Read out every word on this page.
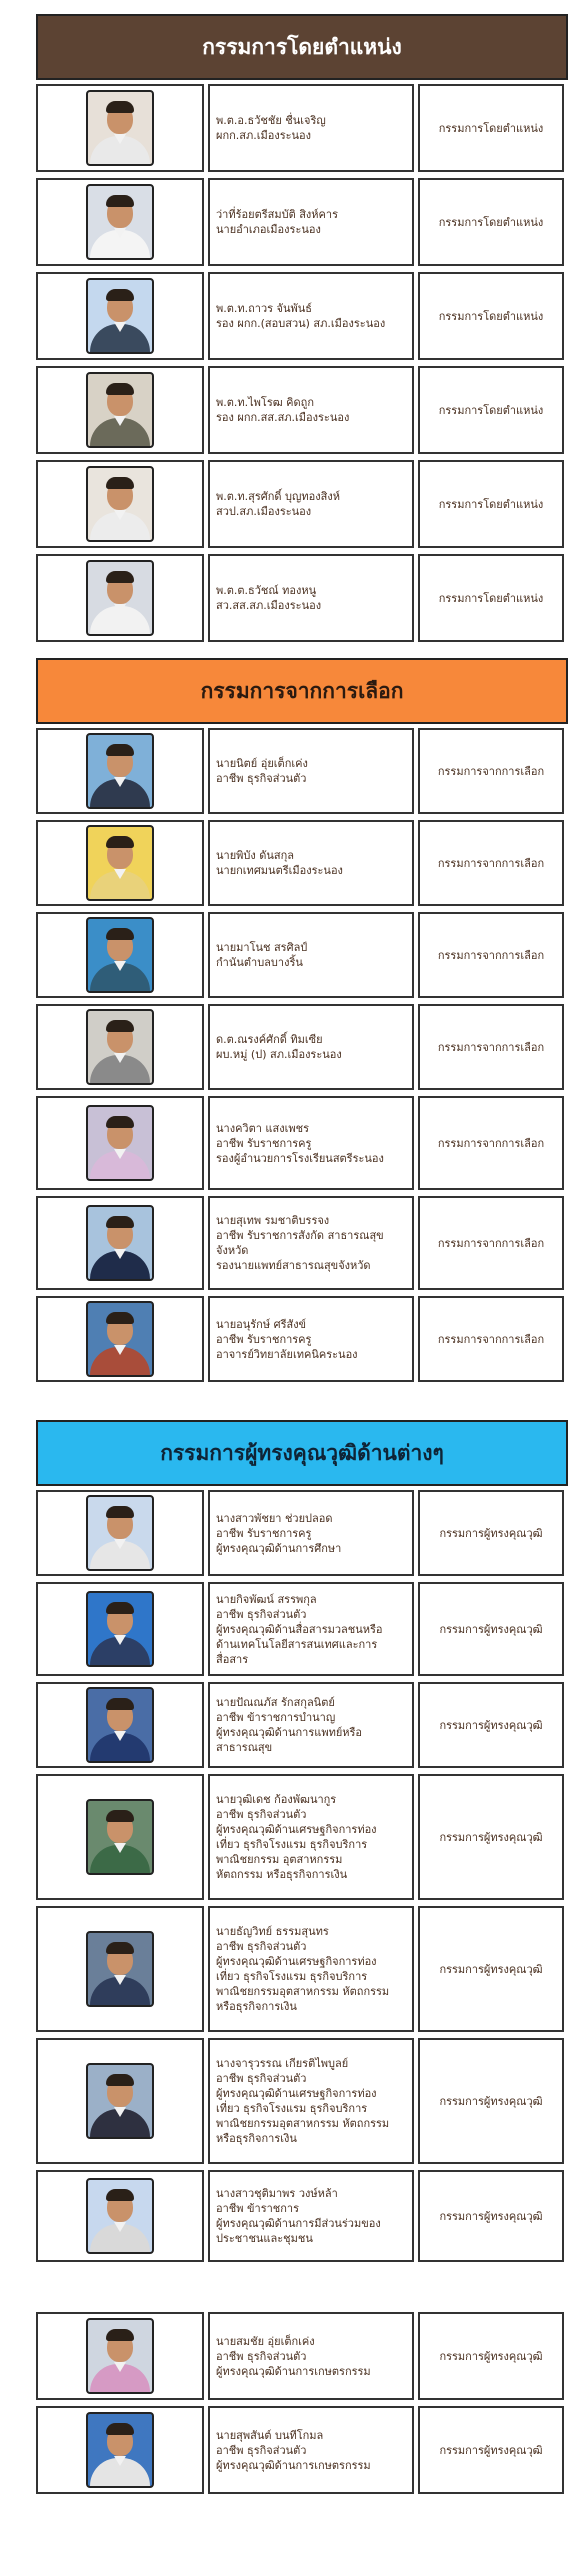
กรรมการโดยตำแหน่ง
พ.ต.อ.ธวัชชัย ชื่นเจริญ
ผกก.สภ.เมืองระนอง
กรรมการโดยตำแหน่ง
ว่าที่ร้อยตรีสมบัติ สิงห์คาร
นายอำเภอเมืองระนอง
กรรมการโดยตำแหน่ง
พ.ต.ท.ถาวร จันพันธ์
รอง ผกก.(สอบสวน) สภ.เมืองระนอง
กรรมการโดยตำแหน่ง
พ.ต.ท.ไพโรฒ คิดถูก
รอง ผกก.สส.สภ.เมืองระนอง
กรรมการโดยตำแหน่ง
พ.ต.ท.สุรศักดิ์ บุญทองสิงห์
สวป.สภ.เมืองระนอง
กรรมการโดยตำแหน่ง
พ.ต.ต.ธวัชณ์ ทองหนู
สว.สส.สภ.เมืองระนอง
กรรมการโดยตำแหน่ง
กรรมการจากการเลือก
นายนิตย์ อุ่ยเต็กเค่ง
อาชีพ ธุรกิจส่วนตัว
กรรมการจากการเลือก
นายพิบัง ดันสกุล
นายกเทศมนตรีเมืองระนอง
กรรมการจากการเลือก
นายมาโนช สรศิลป์
กำนันตำบลบางริ้น
กรรมการจากการเลือก
ด.ต.ณรงค์ศักดิ์ ทิมเซีย
ผบ.หมู่ (ป) สภ.เมืองระนอง
กรรมการจากการเลือก
นางควิตา แสงเพชร
อาชีพ รับราชการครู
รองผู้อำนวยการโรงเรียนสตรีระนอง
กรรมการจากการเลือก
นายสุเทพ รมชาติบรรจง
อาชีพ รับราชการสังกัด สาธารณสุข
จังหวัด
รองนายแพทย์สาธารณสุขจังหวัด
กรรมการจากการเลือก
นายอนุรักษ์ ศรีสังข์
อาชีพ รับราชการครู
อาจารย์วิทยาลัยเทคนิคระนอง
กรรมการจากการเลือก
กรรมการผู้ทรงคุณวุฒิด้านต่างๆ
นางสาวพัชยา ช่วยปลอด
อาชีพ รับราชการครู
ผู้ทรงคุณวุฒิด้านการศึกษา
กรรมการผู้ทรงคุณวุฒิ
นายกิจพัฒน์ สรรพกุล
อาชีพ ธุรกิจส่วนตัว
ผู้ทรงคุณวุฒิด้านสื่อสารมวลชนหรือ
ด้านเทคโนโลยีสารสนเทศและการ
สื่อสาร
กรรมการผู้ทรงคุณวุฒิ
นายปัณณภัส รักสกุลนิตย์
อาชีพ ข้าราชการบำนาญ
ผู้ทรงคุณวุฒิด้านการแพทย์หรือ
สาธารณสุข
กรรมการผู้ทรงคุณวุฒิ
นายวุฒิเดช ก้องพัฒนากูร
อาชีพ ธุรกิจส่วนตัว
ผู้ทรงคุณวุฒิด้านเศรษฐกิจการท่อง
เที่ยว ธุรกิจโรงแรม ธุรกิจบริการ
พาณิชยกรรม อุตสาหกรรม
หัตถกรรม หรือธุรกิจการเงิน
กรรมการผู้ทรงคุณวุฒิ
นายธัญวิทย์ ธรรมสุนทร
อาชีพ ธุรกิจส่วนตัว
ผู้ทรงคุณวุฒิด้านเศรษฐกิจการท่อง
เที่ยว ธุรกิจโรงแรม ธุรกิจบริการ
พาณิชยกรรมอุตสาหกรรม หัตถกรรม
หรือธุรกิจการเงิน
กรรมการผู้ทรงคุณวุฒิ
นางจารุวรรณ เกียรติไพบูลย์
อาชีพ ธุรกิจส่วนตัว
ผู้ทรงคุณวุฒิด้านเศรษฐกิจการท่อง
เที่ยว ธุรกิจโรงแรม ธุรกิจบริการ
พาณิชยกรรมอุตสาหกรรม หัตถกรรม
หรือธุรกิจการเงิน
กรรมการผู้ทรงคุณวุฒิ
นางสาวชุติมาพร วงษ์หล้า
อาชีพ ข้าราชการ
ผู้ทรงคุณวุฒิด้านการมีส่วนร่วมของ
ประชาชนและชุมชน
กรรมการผู้ทรงคุณวุฒิ
นายสมชัย อุ่ยเต็กเค่ง
อาชีพ ธุรกิจส่วนตัว
ผู้ทรงคุณวุฒิด้านการเกษตรกรรม
กรรมการผู้ทรงคุณวุฒิ
นายสุพสันต์ บนทีโกมล
อาชีพ ธุรกิจส่วนตัว
ผู้ทรงคุณวุฒิด้านการเกษตรกรรม
กรรมการผู้ทรงคุณวุฒิ
